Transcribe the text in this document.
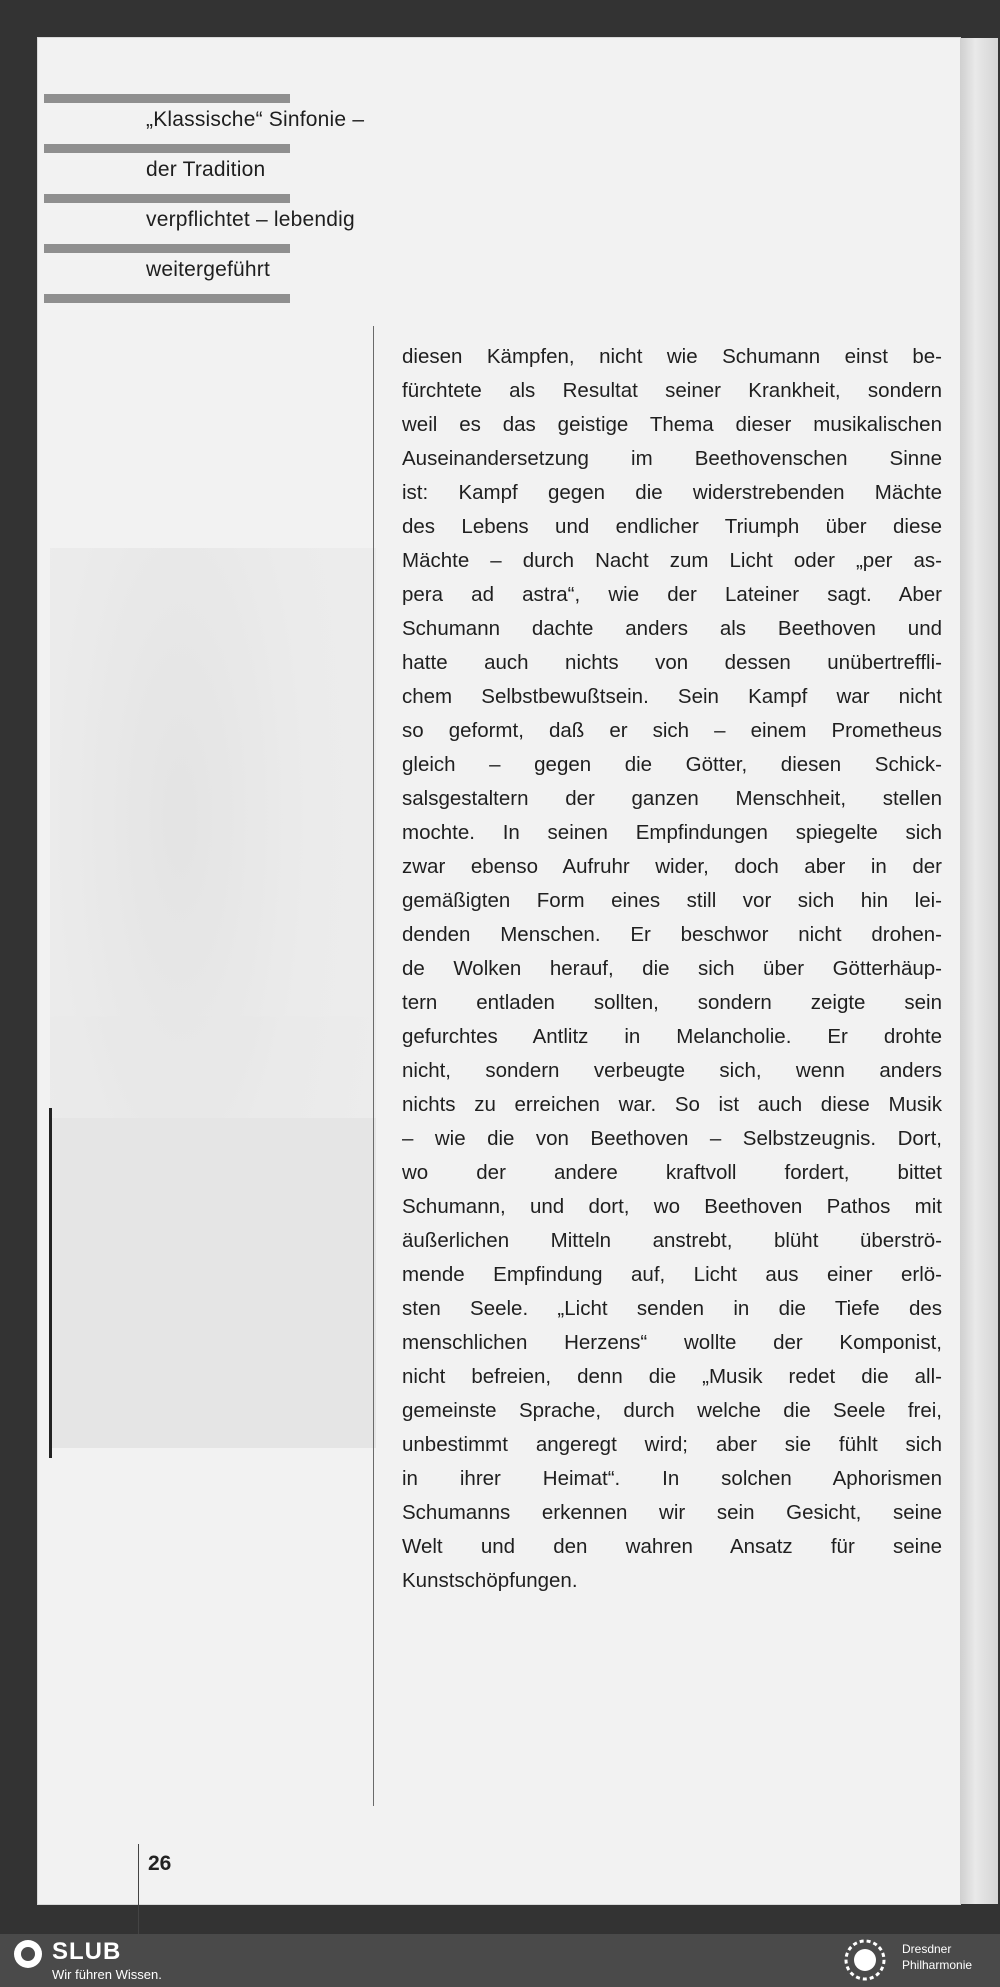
„Klassische“ Sinfonie –
der Tradition
verpflichtet – lebendig
weitergeführt
diesen Kämpfen, nicht wie Schumann einst be-
fürchtete als Resultat seiner Krankheit, sondern
weil es das geistige Thema dieser musikalischen
Auseinandersetzung im Beethovenschen Sinne
ist: Kampf gegen die widerstrebenden Mächte
des Lebens und endlicher Triumph über diese
Mächte – durch Nacht zum Licht oder „per as-
pera ad astra“, wie der Lateiner sagt. Aber
Schumann dachte anders als Beethoven und
hatte auch nichts von dessen unübertreffli-
chem Selbstbewußtsein. Sein Kampf war nicht
so geformt, daß er sich – einem Prometheus
gleich – gegen die Götter, diesen Schick-
salsgestaltern der ganzen Menschheit, stellen
mochte. In seinen Empfindungen spiegelte sich
zwar ebenso Aufruhr wider, doch aber in der
gemäßigten Form eines still vor sich hin lei-
denden Menschen. Er beschwor nicht drohen-
de Wolken herauf, die sich über Götterhäup-
tern entladen sollten, sondern zeigte sein
gefurchtes Antlitz in Melancholie. Er drohte
nicht, sondern verbeugte sich, wenn anders
nichts zu erreichen war. So ist auch diese Musik
– wie die von Beethoven – Selbstzeugnis. Dort,
wo der andere kraftvoll fordert, bittet
Schumann, und dort, wo Beethoven Pathos mit
äußerlichen Mitteln anstrebt, blüht überströ-
mende Empfindung auf, Licht aus einer erlö-
sten Seele. „Licht senden in die Tiefe des
menschlichen Herzens“ wollte der Komponist,
nicht befreien, denn die „Musik redet die all-
gemeinste Sprache, durch welche die Seele frei,
unbestimmt angeregt wird; aber sie fühlt sich
in ihrer Heimat“. In solchen Aphorismen
Schumanns erkennen wir sein Gesicht, seine
Welt und den wahren Ansatz für seine
Kunstschöpfungen.
26
SLUB
Wir führen Wissen.
Dresdner
Philharmonie
